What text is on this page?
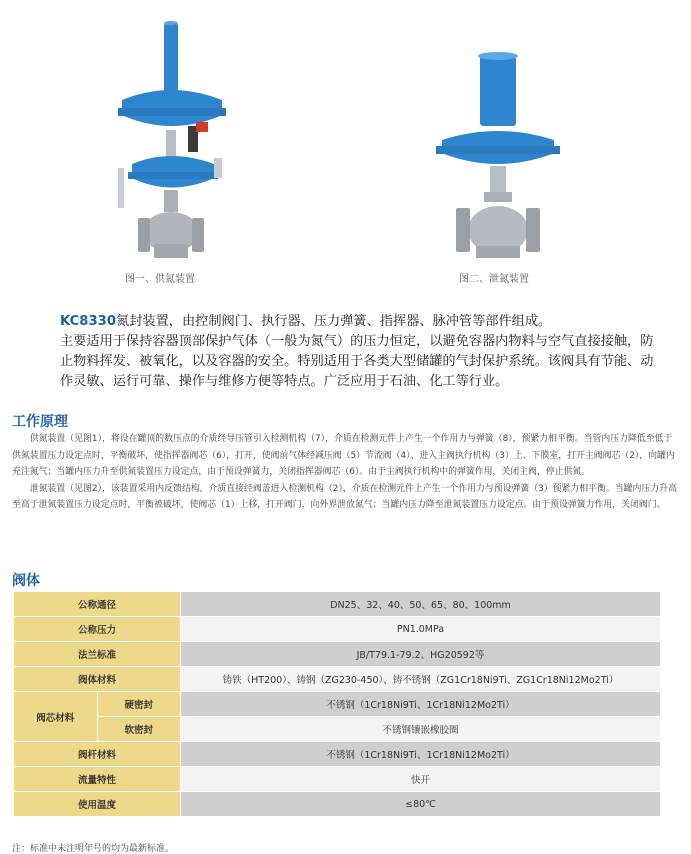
图一、供氮装置	图二、泄氮装置

KC8330氮封装置，由控制阀门、执行器、压力弹簧、指挥器、脉冲管等部件组成。

主要适用于保持容器顶部保护气体（一般为氮气）的压力恒定，以避免容器内物料与空气直接接触，防止物料挥发、被氧化，以及容器的安全。特别适用于各类大型储罐的气封保护系统。该阀具有节能、动作灵敏、运行可靠、操作与维修方便等特点。广泛应用于石油、化工等行业。

工作原理

供氮装置（见图1），将设在罐顶的数压点的介质经导压管引入检测机构（7），介质在检测元件上产生一个作用力与弹簧（8），预紧力相平衡。当管内压力降低至低于供氮装置压力设定点时，平衡破坏，使指挥器阀芯（6），打开，使阀前气体经减压阀（5）节流阀（4）、进入主阀执行机构（3）上、下膜室，打开主阀阀芯（2），向罐内充注氮气；当罐内压力升至供氮装置压力设定点，由于预设弹簧力，关闭指挥器阀芯（6）。由于主阀执行机构中的弹簧作用，关闭主阀，停止供氮。

泄氮装置（见图2），该装置采用内反馈结构，介质直接经阀盖进入检测机构（2），介质在检测元件上产生一个作用力与预设弹簧（3）预紧力相平衡。当罐内压力升高至高于泄氮装置压力设定点时，平衡被破坏，使阀芯（1）上移，打开阀门，向外界泄放氮气；当罐内压力降至泄氮装置压力设定点。由于预设弹簧力作用，关闭阀门。

阀体
公称通径		DN25、32、40、50、65、80、100mm
公称压力		PN1.0MPa
法兰标准		JB/T79.1-79.2、HG20592等
阀体材料		铸铁（HT200）、铸钢（ZG230-450）、铸不锈钢（ZG1Cr18Ni9Ti、ZG1Cr18Ni12Mo2Ti）
阀芯材料	硬密封	不锈钢（1Cr18Ni9Ti、1Cr18Ni12Mo2Ti）
	软密封	不锈钢镶嵌橡胶圈
阀杆材料		不锈钢（1Cr18Ni9Ti、1Cr18Ni12Mo2Ti）
流量特性		快开
使用温度		≤80℃
注：标准中未注明年号的均为最新标准。
